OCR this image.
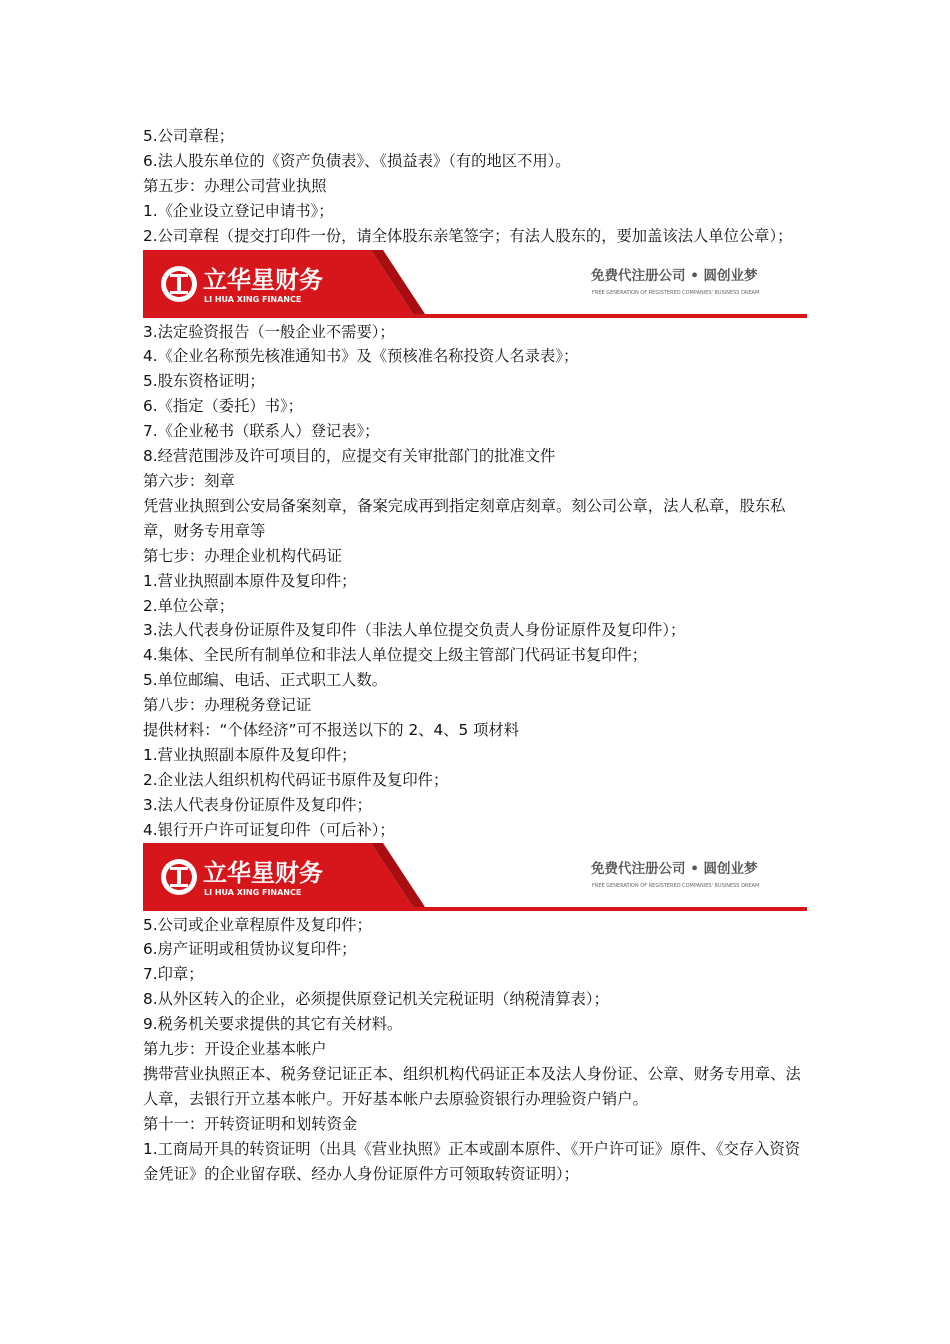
5.公司章程；
6.法人股东单位的《资产负债表》、《损益表》（有的地区不用）。
第五步：办理公司营业执照
1.《企业设立登记申请书》；
2.公司章程（提交打印件一份，请全体股东亲笔签字；有法人股东的，要加盖该法人单位公章）；
立华星财务
LI HUA XING FINANCE
免费代注册公司 • 圆创业梦
FREE GENERATION OF REGISTERED COMPANIES' BUSINESS DREAM
3.法定验资报告（一般企业不需要）；
4.《企业名称预先核准通知书》及《预核准名称投资人名录表》；
5.股东资格证明；
6.《指定（委托）书》；
7.《企业秘书（联系人）登记表》；
8.经营范围涉及许可项目的，应提交有关审批部门的批准文件
第六步：刻章
凭营业执照到公安局备案刻章，备案完成再到指定刻章店刻章。刻公司公章，法人私章，股东私章，财务专用章等
第七步：办理企业机构代码证
1.营业执照副本原件及复印件；
2.单位公章；
3.法人代表身份证原件及复印件（非法人单位提交负责人身份证原件及复印件）；
4.集体、全民所有制单位和非法人单位提交上级主管部门代码证书复印件；
5.单位邮编、电话、正式职工人数。
第八步：办理税务登记证
提供材料：“个体经济”可不报送以下的 2、4、5 项材料
1.营业执照副本原件及复印件；
2.企业法人组织机构代码证书原件及复印件；
3.法人代表身份证原件及复印件；
4.银行开户许可证复印件（可后补）；
立华星财务
LI HUA XING FINANCE
免费代注册公司 • 圆创业梦
FREE GENERATION OF REGISTERED COMPANIES' BUSINESS DREAM
5.公司或企业章程原件及复印件；
6.房产证明或租赁协议复印件；
7.印章；
8.从外区转入的企业，必须提供原登记机关完税证明（纳税清算表）；
9.税务机关要求提供的其它有关材料。
第九步：开设企业基本帐户
携带营业执照正本、税务登记证正本、组织机构代码证正本及法人身份证、公章、财务专用章、法人章，去银行开立基本帐户。开好基本帐户去原验资银行办理验资户销户。
第十一：开转资证明和划转资金
1.工商局开具的转资证明（出具《营业执照》正本或副本原件、《开户许可证》原件、《交存入资资金凭证》的企业留存联、经办人身份证原件方可领取转资证明）；
